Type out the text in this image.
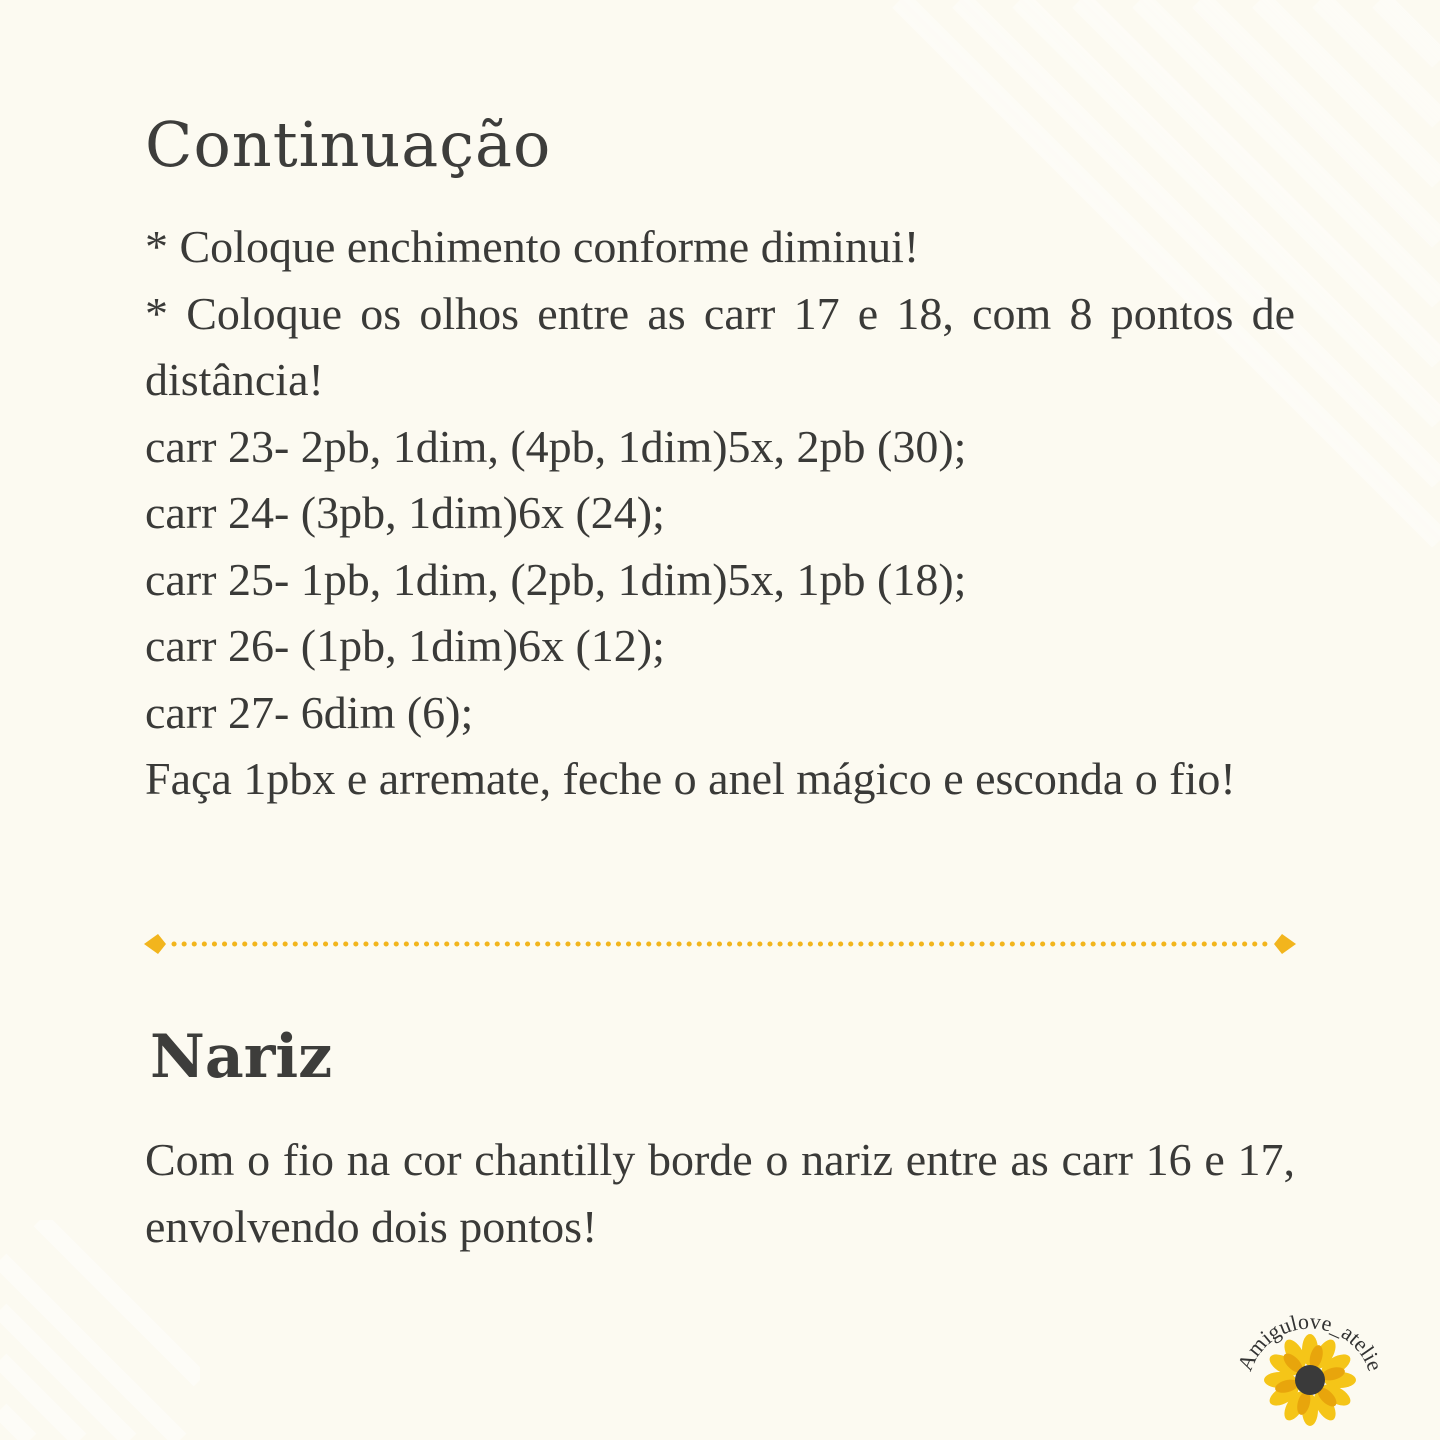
Continuação

* Coloque enchimento conforme diminui!

* Coloque os olhos entre as carr 17 e 18, com 8 pontos de distância!

carr 23- 2pb, 1dim, (4pb, 1dim)5x, 2pb (30);

carr 24- (3pb, 1dim)6x (24);

carr 25- 1pb, 1dim, (2pb, 1dim)5x, 1pb (18);

carr 26- (1pb, 1dim)6x (12);

carr 27- 6dim (6);

Faça 1pbx e arremate, feche o anel mágico e esconda o fio!

Nariz

Com o fio na cor chantilly borde o nariz entre as carr 16 e 17, envolvendo dois pontos!

Amigulove_atelie
